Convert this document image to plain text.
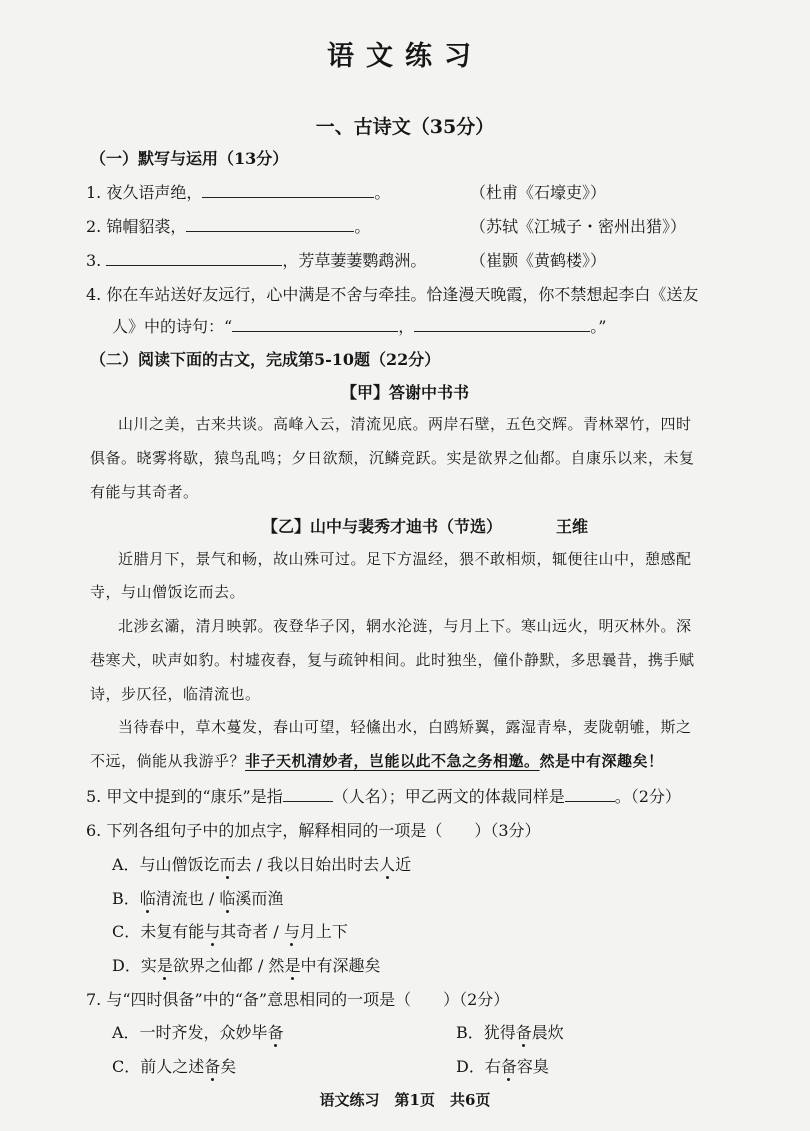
语文练习
一、古诗文（35分）
（一）默写与运用（13分）
1. 夜久语声绝，	。	（杜甫《石壕吏》）
2. 锦帽貂裘，	。	（苏轼《江城子・密州出猎》）
3.	，芳草萋萋鹦鹉洲。	（崔颢《黄鹤楼》）
4. 你在车站送好友远行，心中满是不舍与牵挂。恰逢漫天晚霞，你不禁想起李白《送友
人》中的诗句：“	，	。”
（二）阅读下面的古文，完成第5-10题（22分）
【甲】答谢中书书
山川之美，古来共谈。高峰入云，清流见底。两岸石壁，五色交辉。青林翠竹，四时
俱备。晓雾将歇，猿鸟乱鸣；夕日欲颓，沉鳞竞跃。实是欲界之仙都。自康乐以来，未复
有能与其奇者。
【乙】山中与裴秀才迪书（节选）	王维
近腊月下，景气和畅，故山殊可过。足下方温经，猥不敢相烦，辄便往山中，憩感配
寺，与山僧饭讫而去。
北涉玄灞，清月映郭。夜登华子冈，辋水沦涟，与月上下。寒山远火，明灭林外。深
巷寒犬，吠声如豹。村墟夜舂，复与疏钟相间。此时独坐，僮仆静默，多思曩昔，携手赋
诗，步仄径，临清流也。
当待春中，草木蔓发，春山可望，轻鯈出水，白鸥矫翼，露湿青皋，麦陇朝雊，斯之
不远，倘能从我游乎？非子天机清妙者，岂能以此不急之务相邀。然是中有深趣矣！
5. 甲文中提到的“康乐”是指	（人名）；甲乙两文的体裁同样是	。（2分）
6. 下列各组句子中的加点字，解释相同的一项是（　　）（3分）
A．与山僧饭讫而去 / 我以日始出时去人近
B．临清流也 / 临溪而渔
C．未复有能与其奇者 / 与月上下
D．实是欲界之仙都 / 然是中有深趣矣
7. 与“四时俱备”中的“备”意思相同的一项是（　　）（2分）
A．一时齐发，众妙毕备	B．犹得备晨炊
C．前人之述备矣	D．右备容臭
语文练习　第1页　共6页
